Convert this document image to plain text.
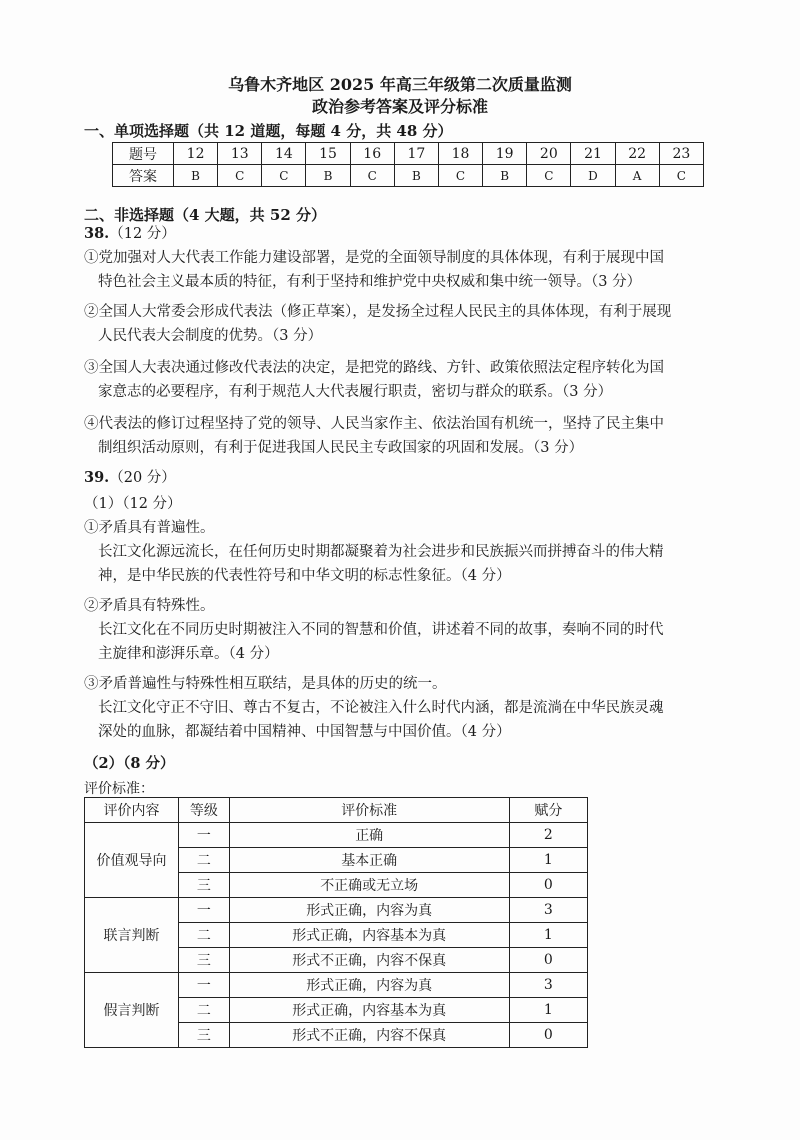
乌鲁木齐地区 2025 年高三年级第二次质量监测
政治参考答案及评分标准
一、单项选择题（共 12 道题，每题 4 分，共 48 分）
题号	12	13	14	15	16	17	18	19	20	21	22	23
答案	B	C	C	B	C	B	C	B	C	D	A	C
二、非选择题（4 大题，共 52 分）
38.（12 分）
①党加强对人大代表工作能力建设部署，是党的全面领导制度的具体体现，有利于展现中国
特色社会主义最本质的特征，有利于坚持和维护党中央权威和集中统一领导。（3 分）
②全国人大常委会形成代表法（修正草案），是发扬全过程人民民主的具体体现，有利于展现
人民代表大会制度的优势。（3 分）
③全国人大表决通过修改代表法的决定，是把党的路线、方针、政策依照法定程序转化为国
家意志的必要程序，有利于规范人大代表履行职责，密切与群众的联系。（3 分）
④代表法的修订过程坚持了党的领导、人民当家作主、依法治国有机统一，坚持了民主集中
制组织活动原则，有利于促进我国人民民主专政国家的巩固和发展。（3 分）
39.（20 分）
（1）（12 分）
①矛盾具有普遍性。
长江文化源远流长，在任何历史时期都凝聚着为社会进步和民族振兴而拼搏奋斗的伟大精
神，是中华民族的代表性符号和中华文明的标志性象征。（4 分）
②矛盾具有特殊性。
长江文化在不同历史时期被注入不同的智慧和价值，讲述着不同的故事，奏响不同的时代
主旋律和澎湃乐章。（4 分）
③矛盾普遍性与特殊性相互联结，是具体的历史的统一。
长江文化守正不守旧、尊古不复古，不论被注入什么时代内涵，都是流淌在中华民族灵魂
深处的血脉，都凝结着中国精神、中国智慧与中国价值。（4 分）
（2）（8 分）
评价标准：
评价内容	等级	评价标准	赋分
价值观导向	一	正确	2
	二	基本正确	1
	三	不正确或无立场	0
联言判断	一	形式正确，内容为真	3
	二	形式正确，内容基本为真	1
	三	形式不正确，内容不保真	0
假言判断	一	形式正确，内容为真	3
	二	形式正确，内容基本为真	1
	三	形式不正确，内容不保真	0
